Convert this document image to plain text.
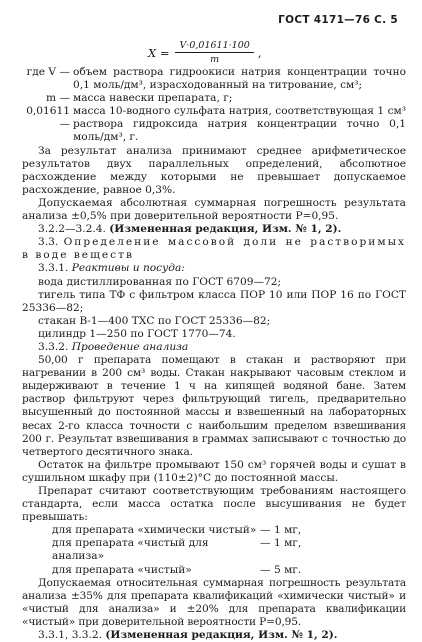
ГОСТ 4171—76 С. 5
$X = \frac{V\cdot 0,01611\cdot 100}{m}$ ,
где V — объем раствора гидроокиси натрия концентрации точно 0,1 моль/дм³, израсходованный на титрование, см³;
m — масса навески препарата, г;
0,01611 —
масса 10-водного сульфата натрия, соответствующая 1 см³ раствора гидроксида натрия концентрации точно 0,1 моль/дм³, г.

За результат анализа принимают среднее арифметическое результатов двух параллельных определений, абсолютное расхождение между которыми не превышает допускаемое расхождение, равное 0,3%.

Допускаемая абсолютная суммарная погрешность результата анализа ±0,5% при доверительной вероятности P=0,95.

3.2.2—3.2.4. (Измененная редакция, Изм. № 1, 2).

3.3. Определение массовой доли не растворимых в воде веществ

3.3.1. Реактивы и посуда:

вода дистиллированная по ГОСТ 6709—72;

тигель типа ТФ с фильтром класса ПОР 10 или ПОР 16 по ГОСТ 25336—82;

стакан В-1—400 ТХС по ГОСТ 25336—82;

цилиндр 1—250 по ГОСТ 1770—74.

3.3.2. Проведение анализа

50,00 г препарата помещают в стакан и растворяют при нагревании в 200 см³ воды. Стакан накрывают часовым стеклом и выдерживают в течение 1 ч на кипящей водяной бане. Затем раствор фильтруют через фильтрующий тигель, предварительно высушенный до постоянной массы и взвешенный на лабораторных весах 2-го класса точности с наибольшим пределом взвешивания 200 г. Результат взвешивания в граммах записывают с точностью до четвертого десятичного знака.

Остаток на фильтре промывают 150 см³ горячей воды и сушат в сушильном шкафу при (110±2)°С до постоянной массы.

Препарат считают соответствующим требованиям настоящего стандарта, если масса остатка после высушивания не будет превышать:

для препарата «химически чистый» — 1 мг,
для препарата «чистый для анализа»
— 1 мг,
для препарата «чистый»	— 5 мг.

Допускаемая относительная суммарная погрешность результата анализа ±35% для препарата квалификаций «химически чистый» и «чистый для анализа» и ±20% для препарата квалификации «чистый» при доверительной вероятности P=0,95.

3.3.1, 3.3.2. (Измененная редакция, Изм. № 1, 2).
